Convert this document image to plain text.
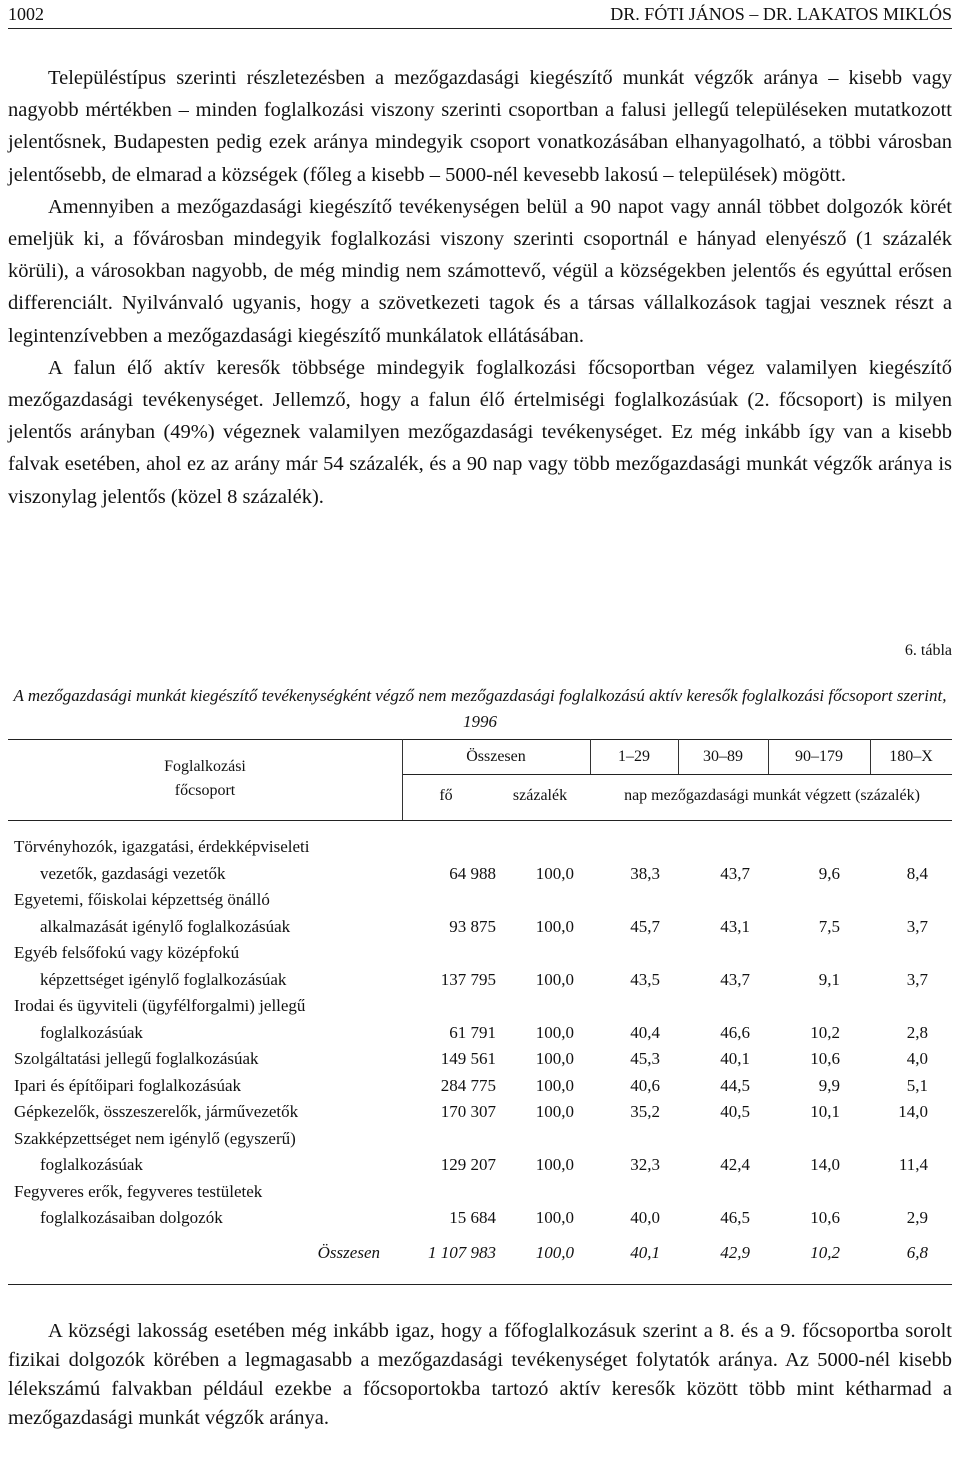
1002	DR. FÓTI JÁNOS – DR. LAKATOS MIKLÓS

Településtípus szerinti részletezésben a mezőgazdasági kiegészítő munkát végzők aránya – kisebb vagy nagyobb mértékben – minden foglalkozási viszony szerinti csoportban a falusi jellegű településeken mutatkozott jelentősnek, Budapesten pedig ezek aránya mindegyik csoport vonatkozásában elhanyagolható, a többi városban jelentősebb, de elmarad a községek (főleg a kisebb – 5000-nél kevesebb lakosú – települések) mögött.

Amennyiben a mezőgazdasági kiegészítő tevékenységen belül a 90 napot vagy annál többet dolgozók körét emeljük ki, a fővárosban mindegyik foglalkozási viszony szerinti csoportnál e hányad elenyésző (1 százalék körüli), a városokban nagyobb, de még mindig nem számottevő, végül a községekben jelentős és egyúttal erősen differenciált. Nyilvánvaló ugyanis, hogy a szövetkezeti tagok és a társas vállalkozások tagjai vesznek részt a legintenzívebben a mezőgazdasági kiegészítő munkálatok ellátásában.

A falun élő aktív keresők többsége mindegyik foglalkozási főcsoportban végez valamilyen kiegészítő mezőgazdasági tevékenységet. Jellemző, hogy a falun élő értelmiségi foglalkozásúak (2. főcsoport) is milyen jelentős arányban (49%) végeznek valamilyen mezőgazdasági tevékenységet. Ez még inkább így van a kisebb falvak esetében, ahol ez az arány már 54 százalék, és a 90 nap vagy több mezőgazdasági munkát végzők aránya is viszonylag jelentős (közel 8 százalék).

6. tábla
A mezőgazdasági munkát kiegészítő tevékenységként végző nem mezőgazdasági foglalkozású aktív keresők foglalkozási főcsoport szerint, 1996
Foglalkozási
főcsoport
Összesen	1–29	30–89	90–179	180–X
fő	százalék	nap mezőgazdasági munkát végzett (százalék)
Törvényhozók, igazgatási, érdekképviseleti
vezetők, gazdasági vezetők	64 988 100,0	38,3	43,7	9,6	8,4
Egyetemi, főiskolai képzettség önálló
alkalmazását igénylő foglalkozásúak	93 875 100,0	45,7	43,1	7,5	3,7
Egyéb felsőfokú vagy középfokú
képzettséget igénylő foglalkozásúak	137 795 100,0	43,5	43,7	9,1	3,7
Irodai és ügyviteli (ügyfélforgalmi) jellegű
foglalkozásúak	61 791 100,0	40,4	46,6	10,2	2,8
Szolgáltatási jellegű foglalkozásúak	149 561 100,0	45,3	40,1	10,6	4,0
Ipari és építőipari foglalkozásúak	284 775 100,0	40,6	44,5	9,9	5,1
Gépkezelők, összeszerelők, járművezetők	170 307 100,0	35,2	40,5	10,1	14,0
Szakképzettséget nem igénylő (egyszerű)
foglalkozásúak	129 207 100,0	32,3	42,4	14,0	11,4
Fegyveres erők, fegyveres testületek
foglalkozásaiban dolgozók	15 684 100,0	40,0	46,5	10,6	2,9
Összesen	1 107 983 100,0	40,1	42,9	10,2	6,8

A községi lakosság esetében még inkább igaz, hogy a főfoglalkozásuk szerint a 8. és a 9. főcsoportba sorolt fizikai dolgozók körében a legmagasabb a mezőgazdasági tevékenységet folytatók aránya. Az 5000-nél kisebb lélekszámú falvakban például ezekbe a főcsoportokba tartozó aktív keresők között több mint kétharmad a mezőgazdasági munkát végzők aránya.
